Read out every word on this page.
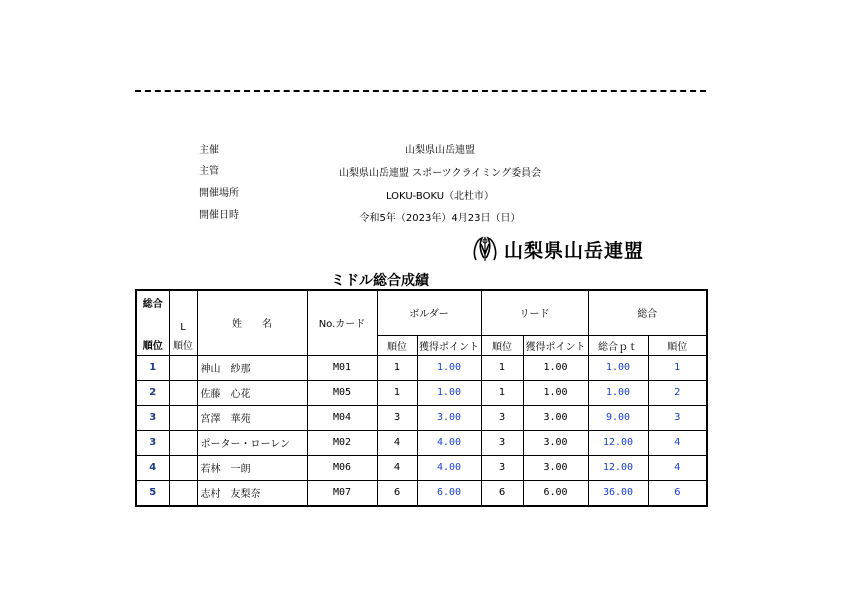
主催	山梨県山岳連盟
主管	山梨県山岳連盟 スポーツクライミング委員会
開催場所	LOKU-BOKU（北杜市）
開催日時	令和5年（2023年）4月23日（日）
山梨県山岳連盟
ミドル総合成績
総合	L	姓　　名	No.カード	ボルダー		リード		総合	
順位	順位			順位	獲得ポイント	順位	獲得ポイント	総合ｐｔ	順位
1		神山　紗那	M01	1	1.00	1	1.00	1.00	1
2		佐藤　心花	M05	1	1.00	1	1.00	1.00	2
3		宮澤　華苑	M04	3	3.00	3	3.00	9.00	3
3		ポーター・ローレン	M02	4	4.00	3	3.00	12.00	4
4		若林　一朗	M06	4	4.00	3	3.00	12.00	4
5		志村　友梨奈	M07	6	6.00	6	6.00	36.00	6
